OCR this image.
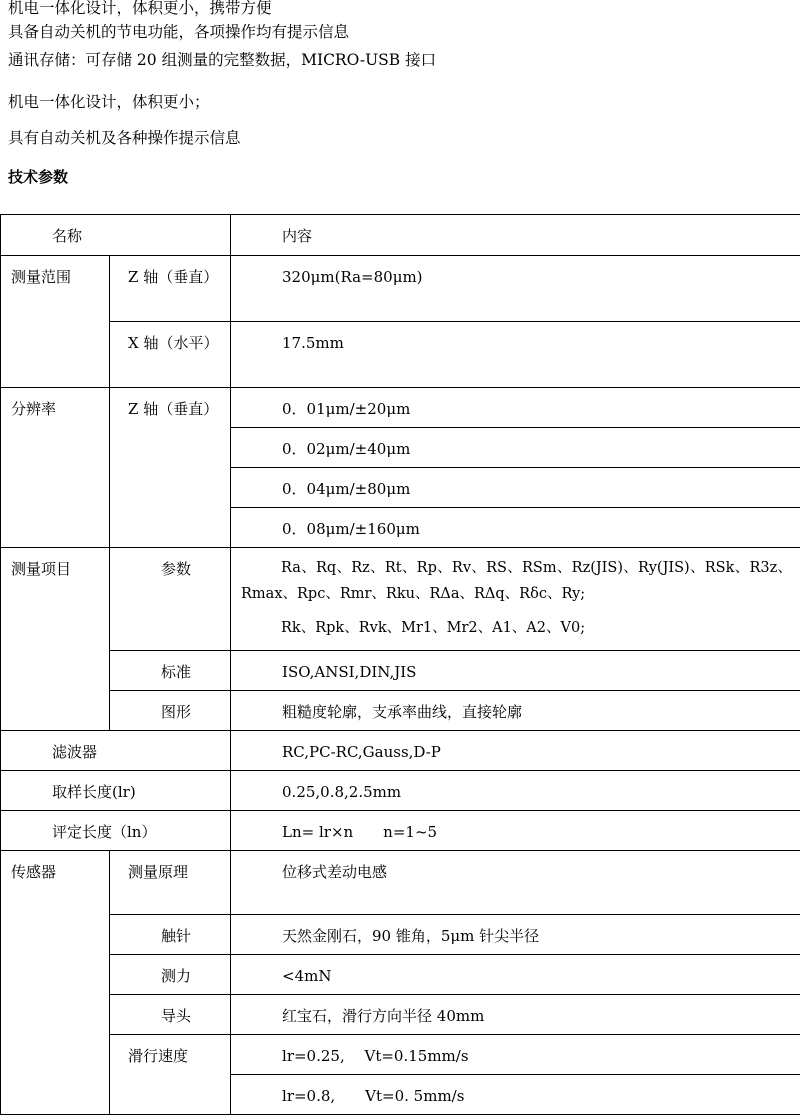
机电一体化设计，体积更小，携带方便
具备自动关机的节电功能，各项操作均有提示信息
通讯存储：可存储 20 组测量的完整数据，MICRO-USB 接口
机电一体化设计，体积更小；
具有自动关机及各种操作提示信息
技术参数
名称		内容

测量范围	Z 轴（垂直）	320μm(Ra=80μm)

	X 轴（水平）	17.5mm

分辨率	Z 轴（垂直）	0．01μm/±20μm
		0．02μm/±40μm
		0．04μm/±80μm
		0．08μm/±160μm

测量项目	参数	Ra、Rq、Rz、Rt、Rp、Rv、RS、RSm、Rz(JIS)、Ry(JIS)、RSk、R3z、Rmax、Rpc、Rmr、Rku、RΔa、RΔq、Rδc、Ry;
Rk、Rpk、Rvk、Mr1、Mr2、A1、A2、V0;

	标准	ISO,ANSI,DIN,JIS
	图形	粗糙度轮廓，支承率曲线，直接轮廓
滤波器		RC,PC-RC,Gauss,D-P
取样长度(lr)		0.25,0.8,2.5mm
评定长度（ln）		Ln= lr×n　　n=1~5

传感器	测量原理	位移式差动电感
	触针	天然金刚石，90 锥角，5μm 针尖半径
	测力	<4mN
	导头	红宝石，滑行方向半径 40mm

	滑行速度	lr=0.25,　 Vt=0.15mm/s
		lr=0.8,　　Vt=0. 5mm/s
